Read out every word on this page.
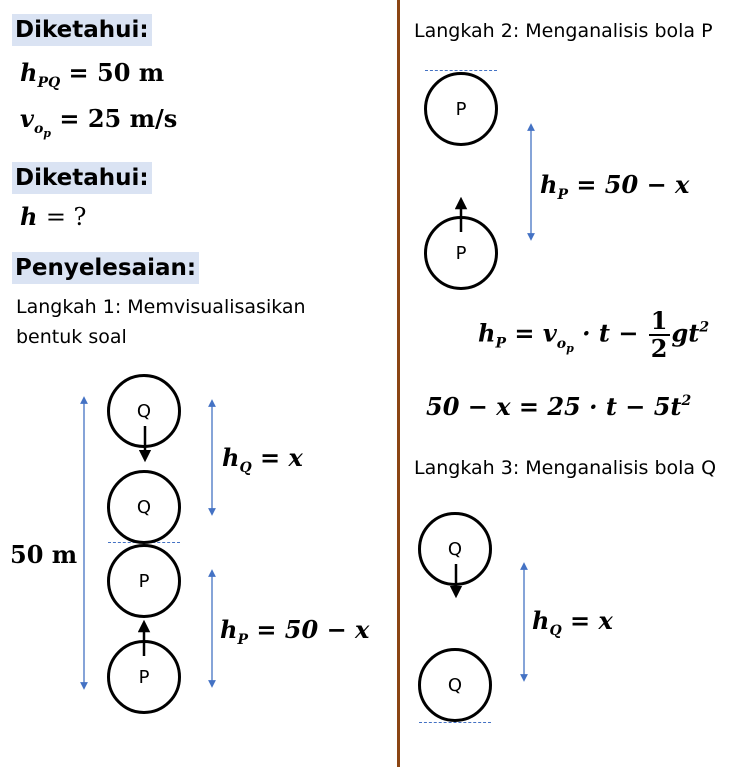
Diketahui:
$h_{PQ} = 50$ m
$v_{o_p} = 25$ m/s
Diketahui:
h = ?
Penyelesaian:
Langkah 1: Memvisualisasikan
bentuk soal
50 m
Q
Q
P
P
$h_Q = x$
$h_P = 50 - x$
Langkah 2: Menganalisis bola P
P
P
$h_P = 50 - x$
$h_P = v_{o_p} \cdot t - \frac{1}{2} gt^2$
$50 - x = 25 \cdot t - 5t^2$
Langkah 3: Menganalisis bola Q
Q
Q
$h_Q = x$
